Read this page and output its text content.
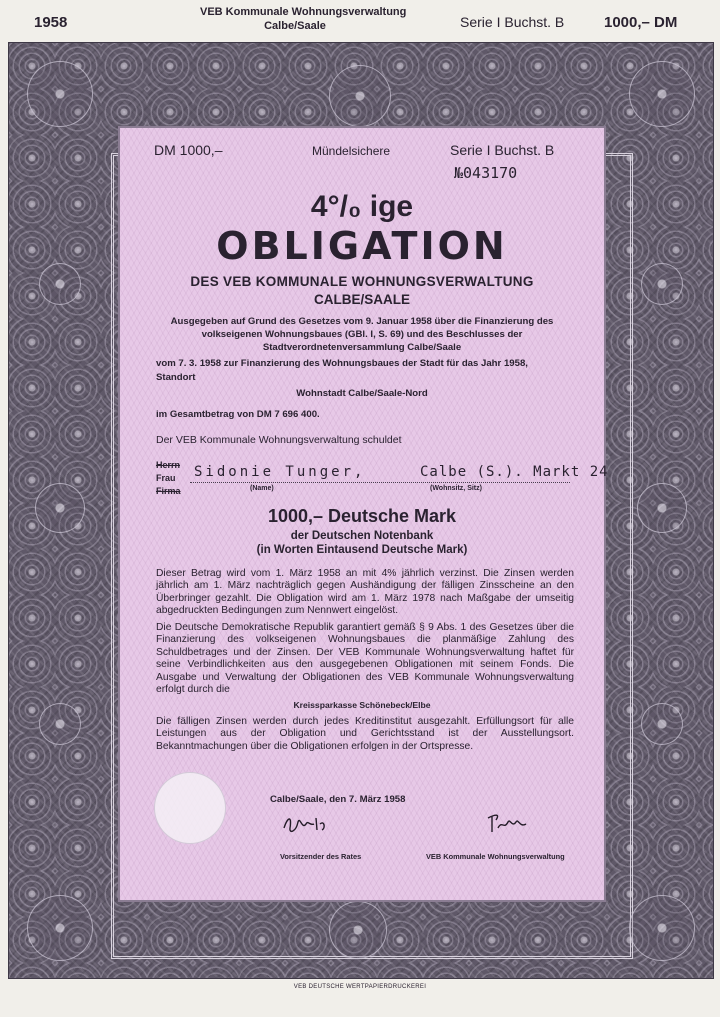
1958
VEB Kommunale Wohnungsverwaltung
Calbe/Saale	Serie I Buchst. B	1000,– DM
DM 1000,–	Mündelsichere	Serie I Buchst. B
№043170
4°/₀ ige
OBLIGATION
DES VEB KOMMUNALE WOHNUNGSVERWALTUNG
CALBE/SAALE
Ausgegeben auf Grund des Gesetzes vom 9. Januar 1958 über die Finanzierung des
volkseigenen Wohnungsbaues (GBl. I, S. 69) und des Beschlusses der
Stadtverordnetenversammlung Calbe/Saale
vom 7. 3. 1958 zur Finanzierung des Wohnungsbaues der Stadt für das Jahr 1958,
Standort
Wohnstadt Calbe/Saale-Nord
im Gesamtbetrag von DM 7 696 400.
Der VEB Kommunale Wohnungsverwaltung schuldet
Herrn
Frau
Firma
Sidonie Tunger,	Calbe (S.). Markt 24
(Name)	(Wohnsitz, Sitz)
1000,– Deutsche Mark
der Deutschen Notenbank
(in Worten Eintausend Deutsche Mark)
Dieser Betrag wird vom 1. März 1958 an mit 4% jährlich verzinst. Die Zinsen werden jährlich am 1. März nachträglich gegen Aushändigung der fälligen Zinsscheine an den Überbringer gezahlt. Die Obligation wird am 1. März 1978 nach Maßgabe der umseitig abgedruckten Bedingungen zum Nennwert eingelöst.
Die Deutsche Demokratische Republik garantiert gemäß § 9 Abs. 1 des Gesetzes über die Finanzierung des volkseigenen Wohnungsbaues die planmäßige Zahlung des Schuldbetrages und der Zinsen. Der VEB Kommunale Wohnungsverwaltung haftet für seine Verbindlichkeiten aus den ausgegebenen Obligationen mit seinem Fonds. Die Ausgabe und Verwaltung der Obligationen des VEB Kommunale Wohnungsverwaltung erfolgt durch die
Kreissparkasse Schönebeck/Elbe
Die fälligen Zinsen werden durch jedes Kreditinstitut ausgezahlt. Erfüllungsort für alle Leistungen aus der Obligation und Gerichtsstand ist der Ausstellungsort. Bekanntmachungen über die Obligationen erfolgen in der Ortspresse.
Calbe/Saale, den 7. März 1958
Vorsitzender des Rates	VEB Kommunale Wohnungsverwaltung
VEB DEUTSCHE WERTPAPIERDRUCKEREI
